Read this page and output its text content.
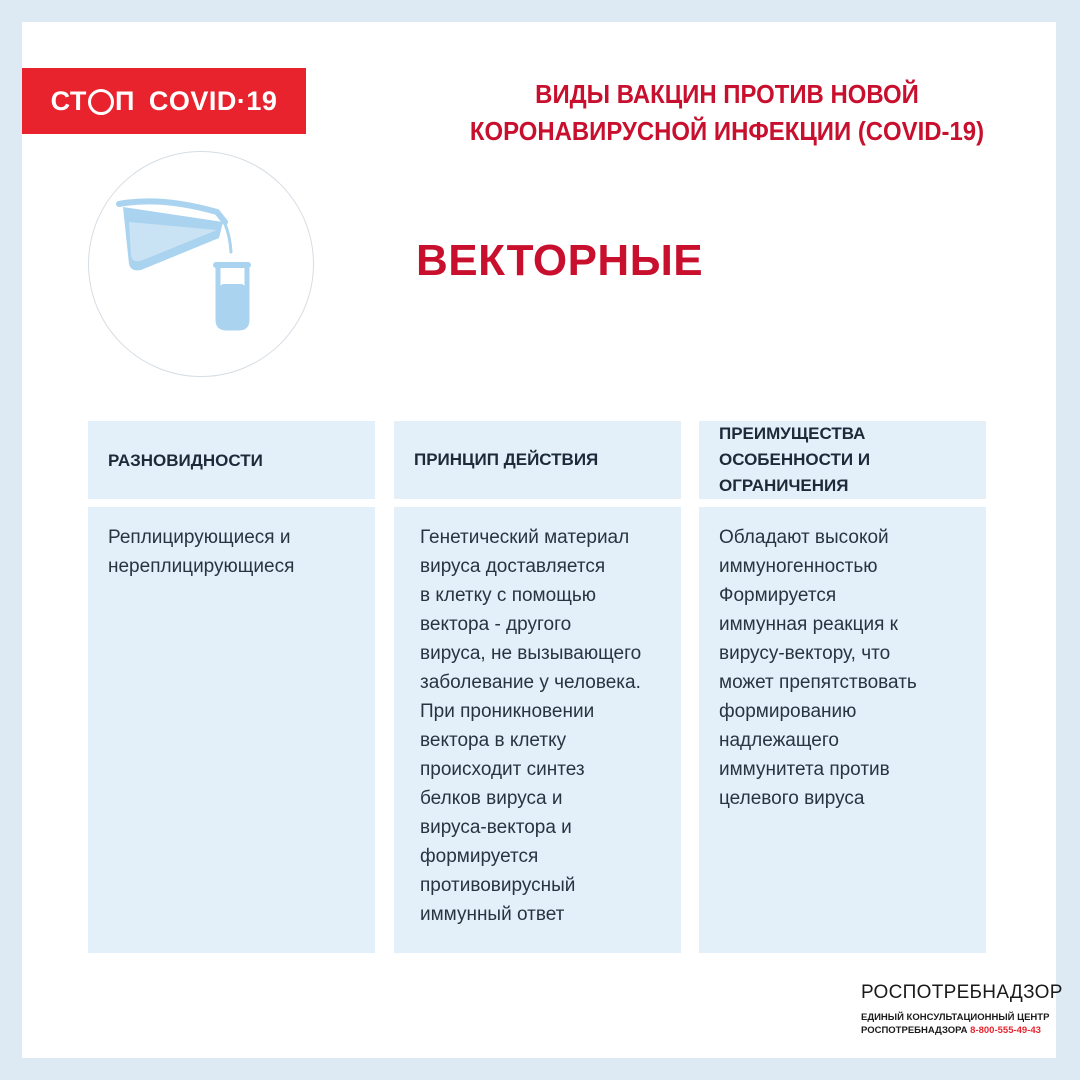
СТ П COVID·19	ВИДЫ ВАКЦИН ПРОТИВ НОВОЙ
КОРОНАВИРУСНОЙ ИНФЕКЦИИ (COVID-19)
ВЕКТОРНЫЕ
РАЗНОВИДНОСТИ	ПРИНЦИП ДЕЙСТВИЯ
ПРЕИМУЩЕСТВА
ОСОБЕННОСТИ И ОГРАНИЧЕНИЯ
Реплицирующиеся и
нереплицирующиеся
Генетический материал
вируса доставляется
в клетку с помощью
вектора - другого
вируса, не вызывающего
заболевание у человека.
При проникновении
вектора в клетку
происходит синтез
белков вируса и
вируса-вектора и
формируется
противовирусный
иммунный ответ
Обладают высокой
иммуногенностью
Формируется
иммунная реакция к
вирусу-вектору, что
может препятствовать
формированию
надлежащего
иммунитета против
целевого вируса
РОСПОТРЕБНАДЗОР
ЕДИНЫЙ КОНСУЛЬТАЦИОННЫЙ ЦЕНТР
РОСПОТРЕБНАДЗОРА 8-800-555-49-43
